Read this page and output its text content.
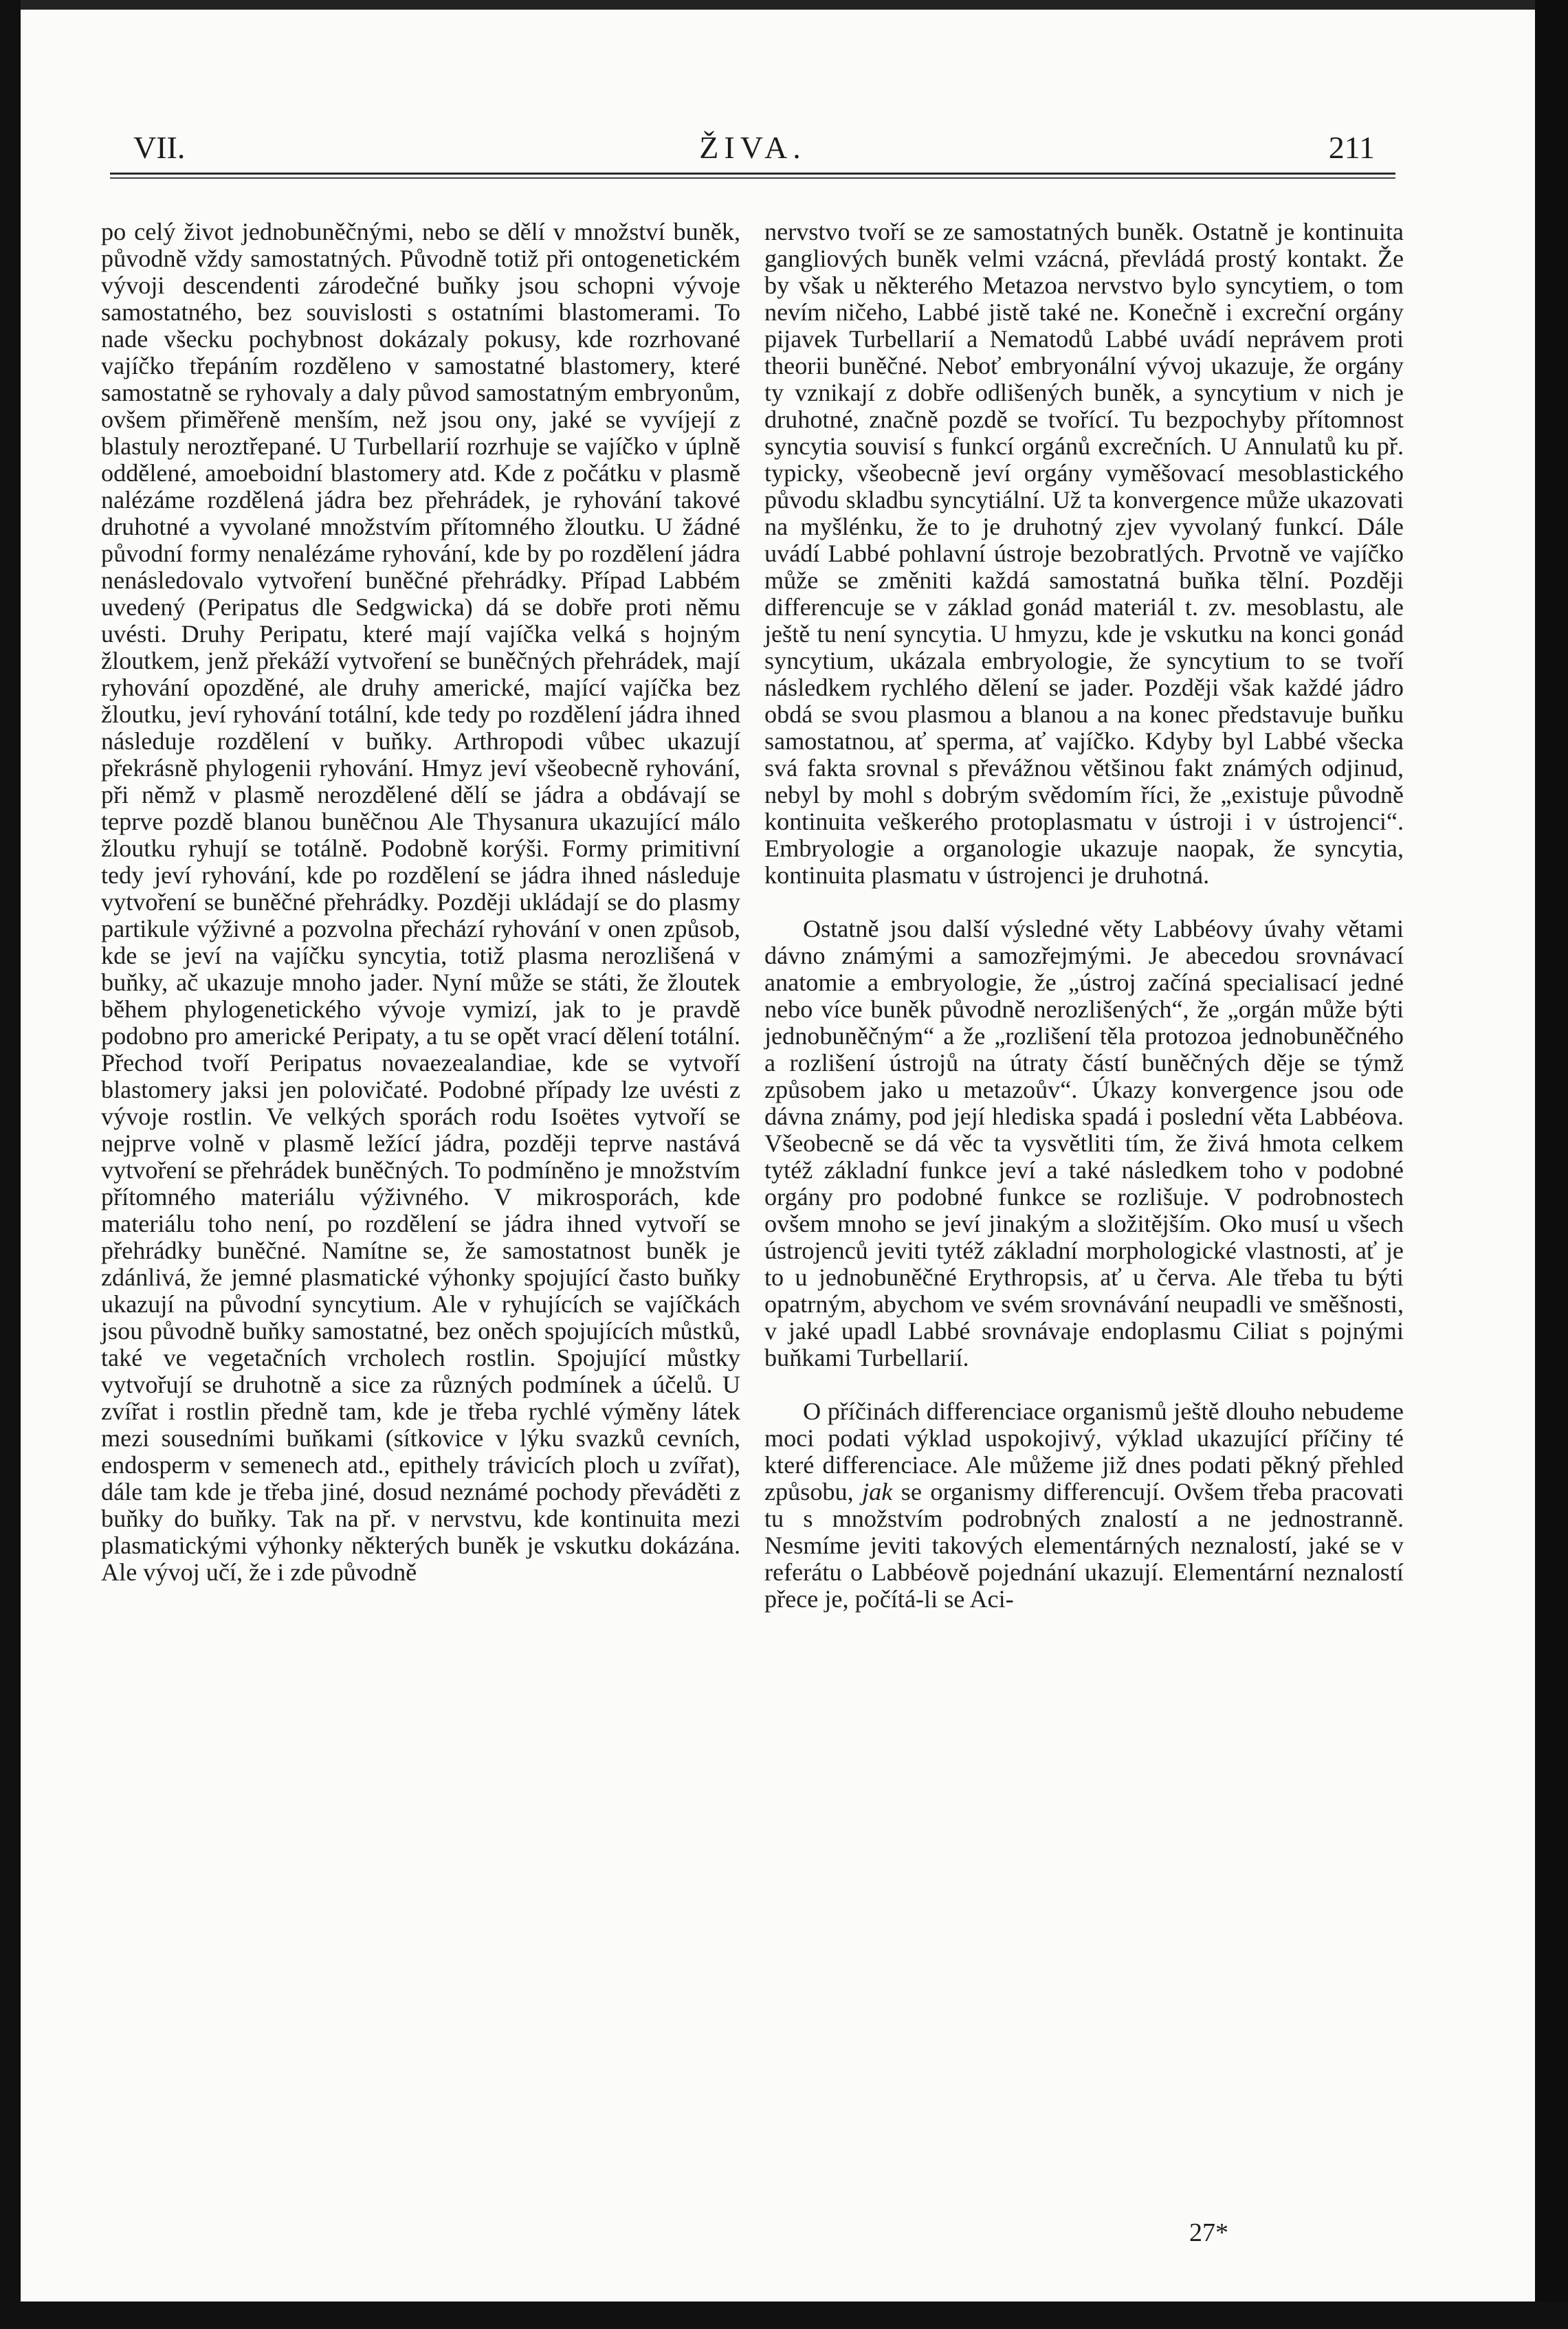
VII.	ŽIVA.	211

po celý život jednobuněčnými, nebo se dělí v množství buněk, původně vždy samostatných. Původně totiž při ontogenetickém vývoji descendenti zárodečné buňky jsou schopni vývoje samostatného, bez souvislosti s ostatními blastomerami. To nade všecku pochybnost dokázaly pokusy, kde rozrhované vajíčko třepáním rozděleno v samostatné blastomery, které samostatně se ryhovaly a daly původ samostatným embryonům, ovšem přiměřeně menším, než jsou ony, jaké se vyvíjejí z blastuly neroztřepané. U Turbellarií rozrhuje se vajíčko v úplně oddělené, amoeboidní blastomery atd. Kde z počátku v plasmě nalézáme rozdělená jádra bez přehrádek, je ryhování takové druhotné a vyvolané množstvím přítomného žloutku. U žádné původní formy nenalézáme ryhování, kde by po rozdělení jádra nenásledovalo vytvoření buněčné přehrádky. Případ Labbém uvedený (Peripatus dle Sedgwicka) dá se dobře proti němu uvésti. Druhy Peripatu, které mají vajíčka velká s hojným žloutkem, jenž překáží vytvoření se buněčných přehrádek, mají ryhování opozděné, ale druhy americké, mající vajíčka bez žloutku, jeví ryhování totální, kde tedy po rozdělení jádra ihned následuje rozdělení v buňky. Arthropodi vůbec ukazují překrásně phylogenii ryhování. Hmyz jeví všeobecně ryhování, při němž v plasmě nerozdělené dělí se jádra a obdávají se teprve pozdě blanou buněčnou Ale Thysanura ukazující málo žloutku ryhují se totálně. Podobně korýši. Formy primitivní tedy jeví ryhování, kde po rozdělení se jádra ihned následuje vytvoření se buněčné přehrádky. Později ukládají se do plasmy partikule výživné a pozvolna přechází ryhování v onen způsob, kde se jeví na vajíčku syncytia, totiž plasma nerozlišená v buňky, ač ukazuje mnoho jader. Nyní může se státi, že žloutek během phylogenetického vývoje vymizí, jak to je pravdě podobno pro americké Peripaty, a tu se opět vrací dělení totální. Přechod tvoří Peripatus novaezealandiae, kde se vytvoří blastomery jaksi jen polovičaté. Podobné případy lze uvésti z vývoje rostlin. Ve velkých sporách rodu Isoëtes vytvoří se nejprve volně v plasmě ležící jádra, později teprve nastává vytvoření se přehrádek buněčných. To podmíněno je množstvím přítomného materiálu výživného. V mikrosporách, kde materiálu toho není, po rozdělení se jádra ihned vytvoří se přehrádky buněčné. Namítne se, že samostatnost buněk je zdánlivá, že jemné plasmatické výhonky spojující často buňky ukazují na původní syncytium. Ale v ryhujících se vajíčkách jsou původně buňky samostatné, bez oněch spojujících můstků, také ve vegetačních vrcholech rostlin. Spojující můstky vytvořují se druhotně a sice za různých podmínek a účelů. U zvířat i rostlin předně tam, kde je třeba rychlé výměny látek mezi sousedními buňkami (sítkovice v lýku svazků cevních, endosperm v semenech atd., epithely trávicích ploch u zvířat), dále tam kde je třeba jiné, dosud neznámé pochody převáděti z buňky do buňky. Tak na př. v nervstvu, kde kontinuita mezi plasmatickými výhonky některých buněk je vskutku dokázána. Ale vývoj učí, že i zde původně

nervstvo tvoří se ze samostatných buněk. Ostatně je kontinuita gangliových buněk velmi vzácná, převládá prostý kontakt. Že by však u některého Metazoa nervstvo bylo syncytiem, o tom nevím ničeho, Labbé jistě také ne. Konečně i excreční orgány pijavek Turbellarií a Nematodů Labbé uvádí neprávem proti theorii buněčné. Neboť embryonální vývoj ukazuje, že orgány ty vznikají z dobře odlišených buněk, a syncytium v nich je druhotné, značně pozdě se tvořící. Tu bezpochyby přítomnost syncytia souvisí s funkcí orgánů excrečních. U Annulatů ku př. typicky, všeobecně jeví orgány vyměšovací mesoblastického původu skladbu syncytiální. Už ta konvergence může ukazovati na myšlénku, že to je druhotný zjev vyvolaný funkcí. Dále uvádí Labbé pohlavní ústroje bezobratlých. Prvotně ve vajíčko může se změniti každá samostatná buňka tělní. Později differencuje se v základ gonád materiál t. zv. mesoblastu, ale ještě tu není syncytia. U hmyzu, kde je vskutku na konci gonád syncytium, ukázala embryologie, že syncytium to se tvoří následkem rychlého dělení se jader. Později však každé jádro obdá se svou plasmou a blanou a na konec představuje buňku samostatnou, ať sperma, ať vajíčko. Kdyby byl Labbé všecka svá fakta srovnal s převážnou většinou fakt známých odjinud, nebyl by mohl s dobrým svědomím říci, že „existuje původně kontinuita veškerého protoplasmatu v ústroji i v ústrojenci“. Embryologie a organologie ukazuje naopak, že syncytia, kontinuita plasmatu v ústrojenci je druhotná.

Ostatně jsou další výsledné věty Labbéovy úvahy větami dávno známými a samozřejmými. Je abecedou srovnávací anatomie a embryologie, že „ústroj začíná specialisací jedné nebo více buněk původně nerozlišených“, že „orgán může býti jednobuněčným“ a že „rozlišení těla protozoa jednobuněčného a rozlišení ústrojů na útraty částí buněčných děje se týmž způsobem jako u metazoův“. Úkazy konvergence jsou ode dávna známy, pod její hlediska spadá i poslední věta Labbéova. Všeobecně se dá věc ta vysvětliti tím, že živá hmota celkem tytéž základní funkce jeví a také následkem toho v podobné orgány pro podobné funkce se rozlišuje. V podrobnostech ovšem mnoho se jeví jinakým a složitějším. Oko musí u všech ústrojenců jeviti tytéž základní morphologické vlastnosti, ať je to u jednobuněčné Erythropsis, ať u červa. Ale třeba tu býti opatrným, abychom ve svém srovnávání neupadli ve směšnosti, v jaké upadl Labbé srovnávaje endoplasmu Ciliat s pojnými buňkami Turbellarií.

O příčinách differenciace organismů ještě dlouho nebudeme moci podati výklad uspokojivý, výklad ukazující příčiny té které differenciace. Ale můžeme již dnes podati pěkný přehled způsobu, jak se organismy differencují. Ovšem třeba pracovati tu s množstvím podrobných znalostí a ne jednostranně. Nesmíme jeviti takových elementárných neznalostí, jaké se v referátu o Labbéově pojednání ukazují. Elementární neznalostí přece je, počítá-li se Aci-

27*
